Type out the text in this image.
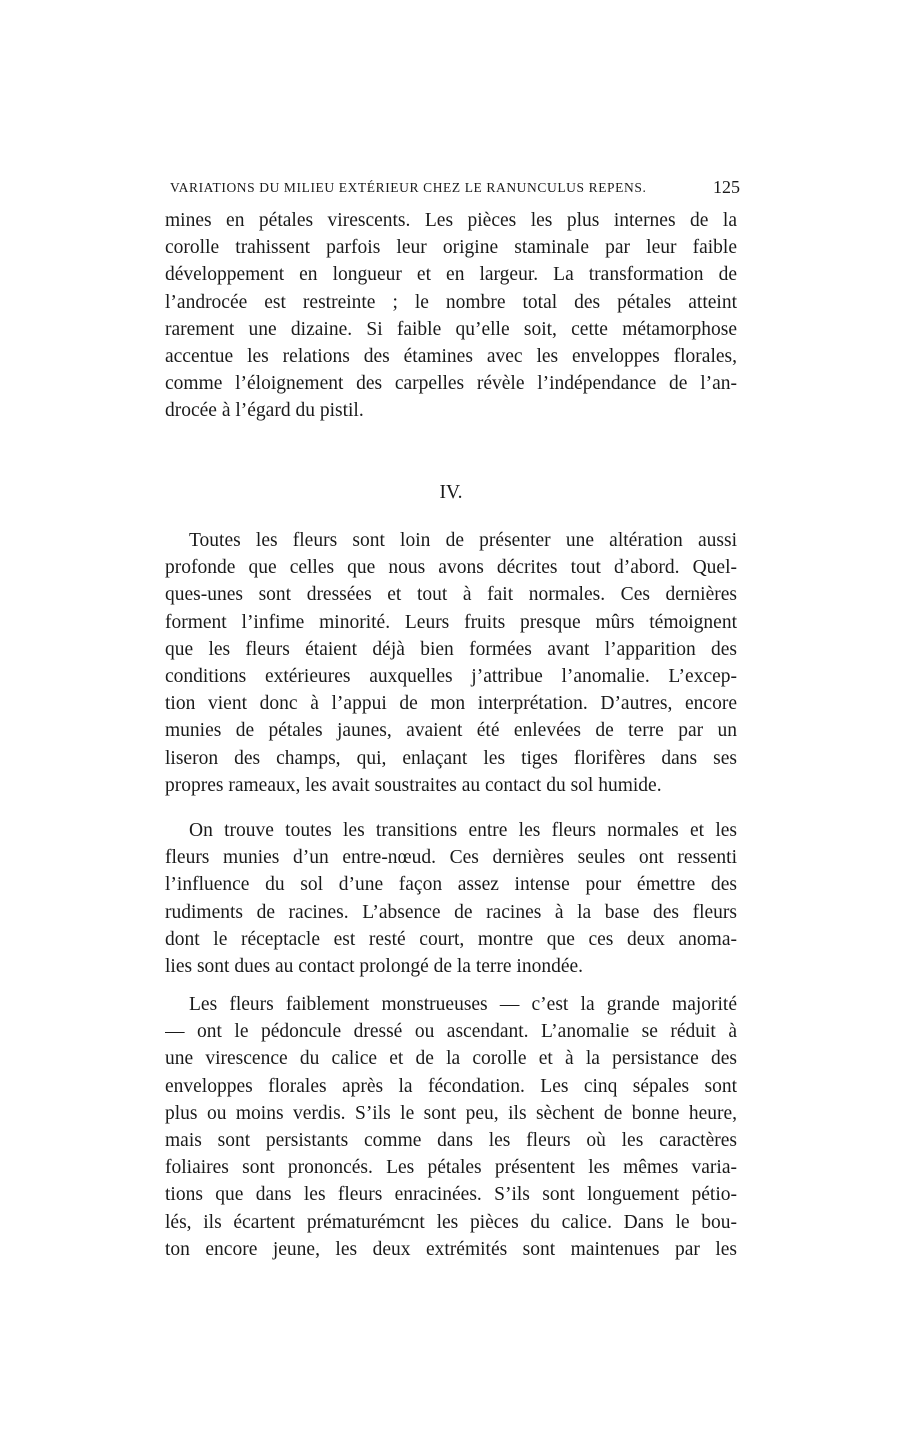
VARIATIONS DU MILIEU EXTÉRIEUR CHEZ LE RANUNCULUS REPENS.	125
mines en pétales virescents. Les pièces les plus internes de la
corolle trahissent parfois leur origine staminale par leur faible
développement en longueur et en largeur. La transformation de
l’androcée est restreinte ; le nombre total des pétales atteint
rarement une dizaine. Si faible qu’elle soit, cette métamorphose
accentue les relations des étamines avec les enveloppes florales,
comme l’éloignement des carpelles révèle l’indépendance de l’an-
drocée à l’égard du pistil.
IV.
Toutes les fleurs sont loin de présenter une altération aussi
profonde que celles que nous avons décrites tout d’abord. Quel-
ques-unes sont dressées et tout à fait normales. Ces dernières
forment l’infime minorité. Leurs fruits presque mûrs témoignent
que les fleurs étaient déjà bien formées avant l’apparition des
conditions extérieures auxquelles j’attribue l’anomalie. L’excep-
tion vient donc à l’appui de mon interprétation. D’autres, encore
munies de pétales jaunes, avaient été enlevées de terre par un
liseron des champs, qui, enlaçant les tiges florifères dans ses
propres rameaux, les avait soustraites au contact du sol humide.
On trouve toutes les transitions entre les fleurs normales et les
fleurs munies d’un entre-nœud. Ces dernières seules ont ressenti
l’influence du sol d’une façon assez intense pour émettre des
rudiments de racines. L’absence de racines à la base des fleurs
dont le réceptacle est resté court, montre que ces deux anoma-
lies sont dues au contact prolongé de la terre inondée.
Les fleurs faiblement monstrueuses — c’est la grande majorité
— ont le pédoncule dressé ou ascendant. L’anomalie se réduit à
une virescence du calice et de la corolle et à la persistance des
enveloppes florales après la fécondation. Les cinq sépales sont
plus ou moins verdis. S’ils le sont peu, ils sèchent de bonne heure,
mais sont persistants comme dans les fleurs où les caractères
foliaires sont prononcés. Les pétales présentent les mêmes varia-
tions que dans les fleurs enracinées. S’ils sont longuement pétio-
lés, ils écartent prématurémcnt les pièces du calice. Dans le bou-
ton encore jeune, les deux extrémités sont maintenues par les
